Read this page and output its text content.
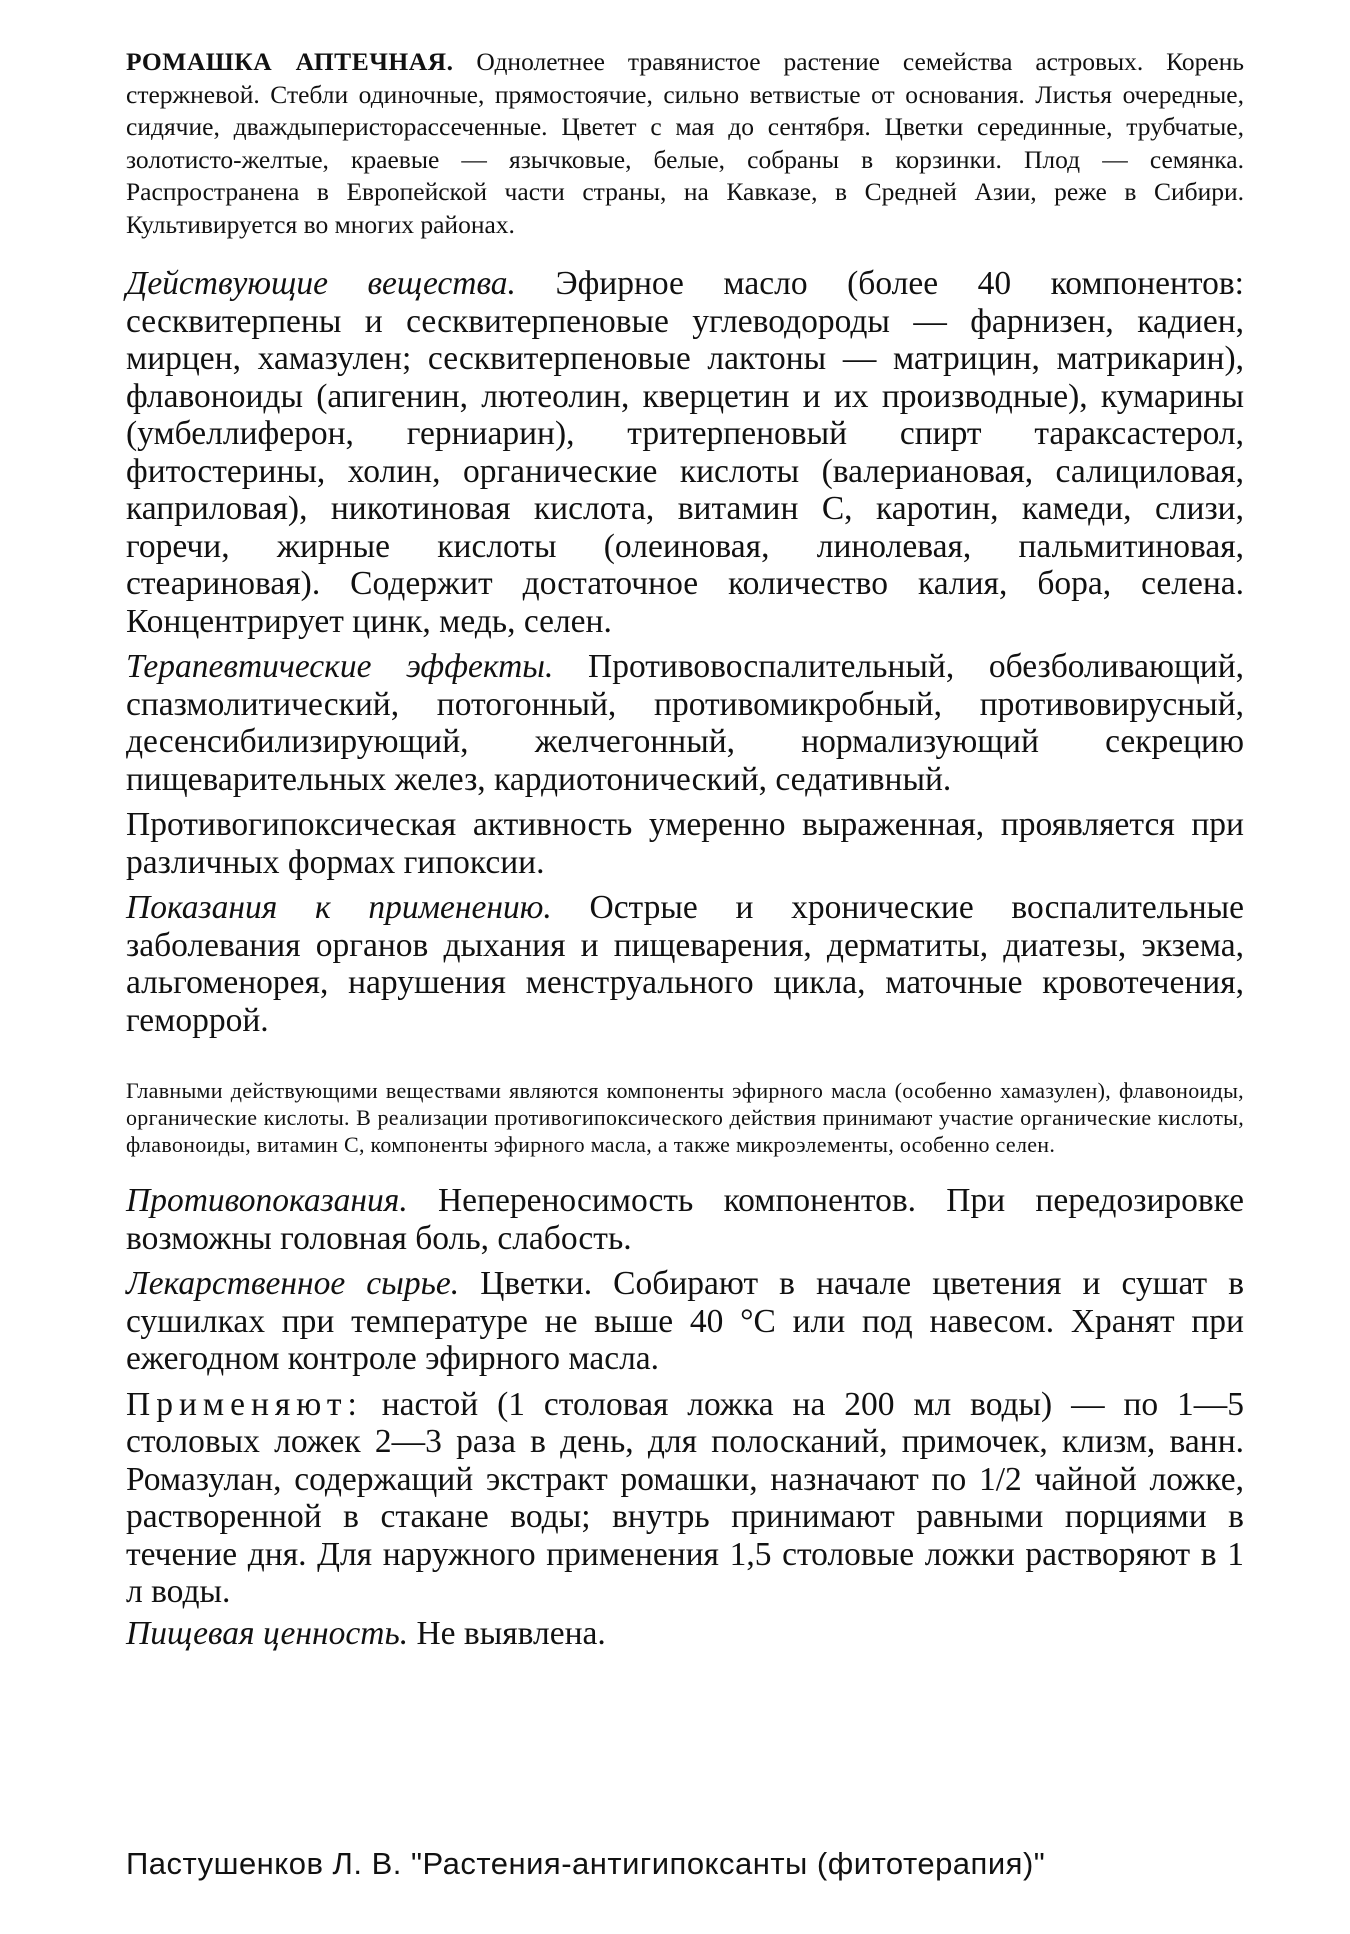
РОМАШКА АПТЕЧНАЯ. Однолетнее травянистое растение семейства астровых. Корень стержневой. Стебли одиночные, прямостоячие, сильно ветвистые от основания. Листья очередные, сидячие, дваждыперисторассеченные. Цветет с мая до сентября. Цветки серединные, трубчатые, золотисто-желтые, краевые — язычковые, белые, собраны в корзинки. Плод — семянка. Распространена в Европейской части страны, на Кавказе, в Средней Азии, реже в Сибири. Культивируется во многих районах.

Действующие вещества. Эфирное масло (более 40 компонентов: сесквитерпены и сесквитерпеновые углеводороды — фарнизен, кадиен, мирцен, хамазулен; сесквитерпеновые лактоны — матрицин, матрикарин), флавоноиды (апигенин, лютеолин, кверцетин и их производные), кумарины (умбеллиферон, герниарин), тритерпеновый спирт тараксастерол, фитостерины, холин, органические кислоты (валериановая, салициловая, каприловая), никотиновая кислота, витамин С, каротин, камеди, слизи, горечи, жирные кислоты (олеиновая, линолевая, пальмитиновая, стеариновая). Содержит достаточное количество калия, бора, селена. Концентрирует цинк, медь, селен.

Терапевтические эффекты. Противовоспалительный, обезболивающий, спазмолитический, потогонный, противомикробный, противовирусный, десенсибилизирующий, желчегонный, нормализующий секрецию пищеварительных желез, кардиотонический, седативный.

Противогипоксическая активность умеренно выраженная, проявляется при различных формах гипоксии.

Показания к применению. Острые и хронические воспалительные заболевания органов дыхания и пищеварения, дерматиты, диатезы, экзема, альгоменорея, нарушения менструального цикла, маточные кровотечения, геморрой.

Главными действующими веществами являются компоненты эфирного масла (особенно хамазулен), флавоноиды, органические кислоты. В реализации противогипоксического действия принимают участие органические кислоты, флавоноиды, витамин С, компоненты эфирного масла, а также микроэлементы, особенно селен.

Противопоказания. Непереносимость компонентов. При передозировке возможны головная боль, слабость.

Лекарственное сырье. Цветки. Собирают в начале цветения и сушат в сушилках при температуре не выше 40 °С или под навесом. Хранят при ежегодном контроле эфирного масла.

Применяют: настой (1 столовая ложка на 200 мл воды) — по 1—5 столовых ложек 2—3 раза в день, для полосканий, примочек, клизм, ванн. Ромазулан, содержащий экстракт ромашки, назначают по 1/2 чайной ложке, растворенной в стакане воды; внутрь принимают равными порциями в течение дня. Для наружного применения 1,5 столовые ложки растворяют в 1 л воды.

Пищевая ценность. Не выявлена.

Пастушенков Л. В. "Растения-антигипоксанты (фитотерапия)"
